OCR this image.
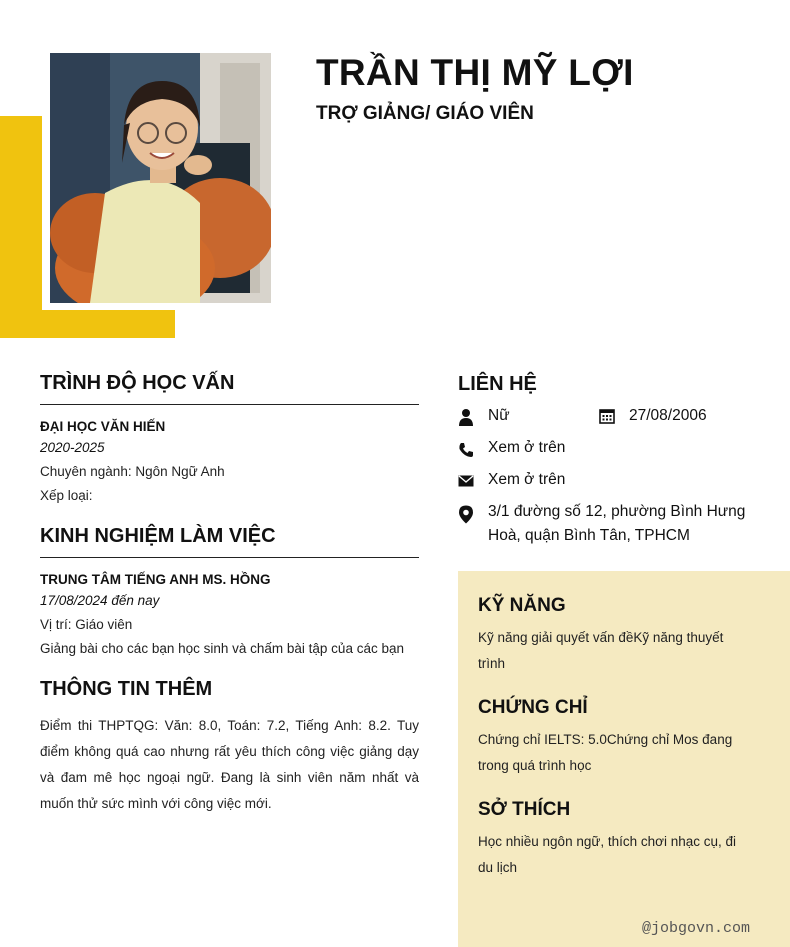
TRẦN THỊ MỸ LỢI
TRỢ GIẢNG/ GIÁO VIÊN
TRÌNH ĐỘ HỌC VẤN

ĐẠI HỌC VĂN HIẾN

2020-2025

Chuyên ngành: Ngôn Ngữ Anh

Xếp loại:

KINH NGHIỆM LÀM VIỆC

TRUNG TÂM TIẾNG ANH MS. HỒNG

17/08/2024 đến nay

Vị trí: Giáo viên

Giảng bài cho các bạn học sinh và chấm bài tập của các bạn

THÔNG TIN THÊM

Điểm thi THPTQG: Văn: 8.0, Toán: 7.2, Tiếng Anh: 8.2. Tuy điểm không quá cao nhưng rất yêu thích công việc giảng dạy và đam mê học ngoại ngữ. Đang là sinh viên năm nhất và muốn thử sức mình với công việc mới.

LIÊN HỆ
Nữ	27/08/2006
Xem ở trên
Xem ở trên
3/1 đường số 12, phường Bình Hưng
Hoà, quận Bình Tân, TPHCM
KỸ NĂNG

Kỹ năng giải quyết vấn đềKỹ năng thuyết
trình

CHỨNG CHỈ

Chứng chỉ IELTS: 5.0Chứng chỉ Mos đang
trong quá trình học

SỞ THÍCH

Học nhiều ngôn ngữ, thích chơi nhạc cụ, đi
du lịch

@jobgovn.com
